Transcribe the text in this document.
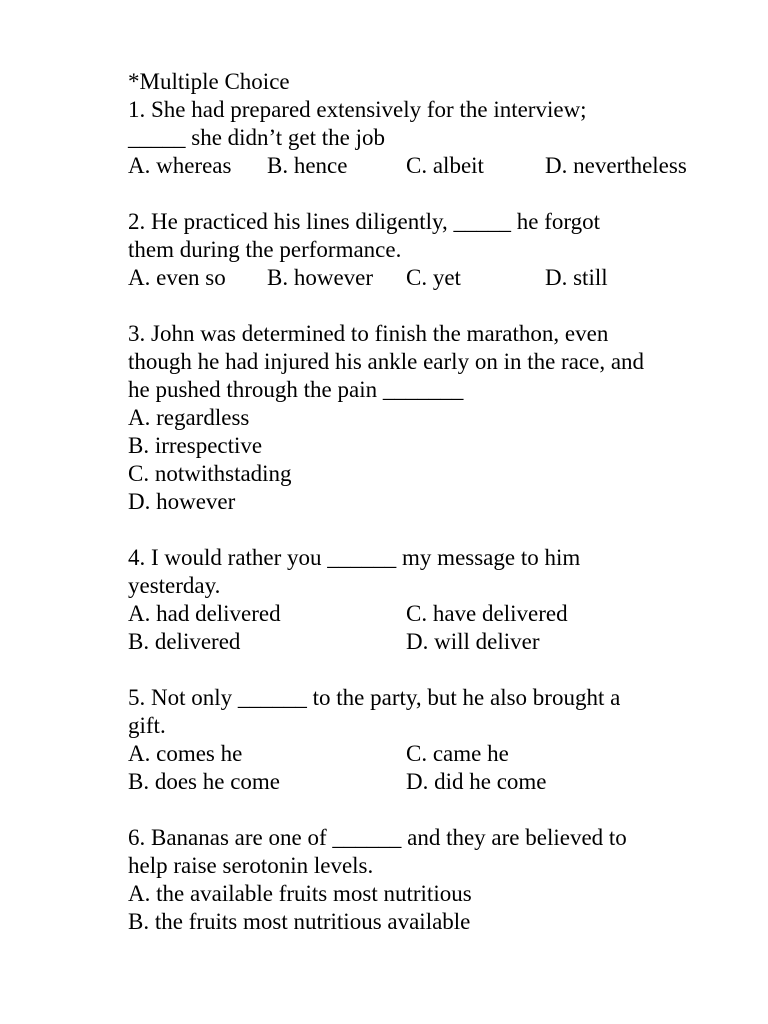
*Multiple Choice
1. She had prepared extensively for the interview;
_____ she didn’t get the job
A. whereas	B. hence	C. albeit	D. nevertheless
2. He practiced his lines diligently, _____ he forgot
them during the performance.
A. even so	B. however	C. yet	D. still
3. John was determined to finish the marathon, even
though he had injured his ankle early on in the race, and
he pushed through the pain _______
A. regardless
B. irrespective
C. notwithstading
D. however
4. I would rather you ______ my message to him
yesterday.
A. had delivered	C. have delivered
B. delivered	D. will deliver
5. Not only ______ to the party, but he also brought a
gift.
A. comes he	C. came he
B. does he come	D. did he come
6. Bananas are one of ______ and they are believed to
help raise serotonin levels.
A. the available fruits most nutritious
B. the fruits most nutritious available
